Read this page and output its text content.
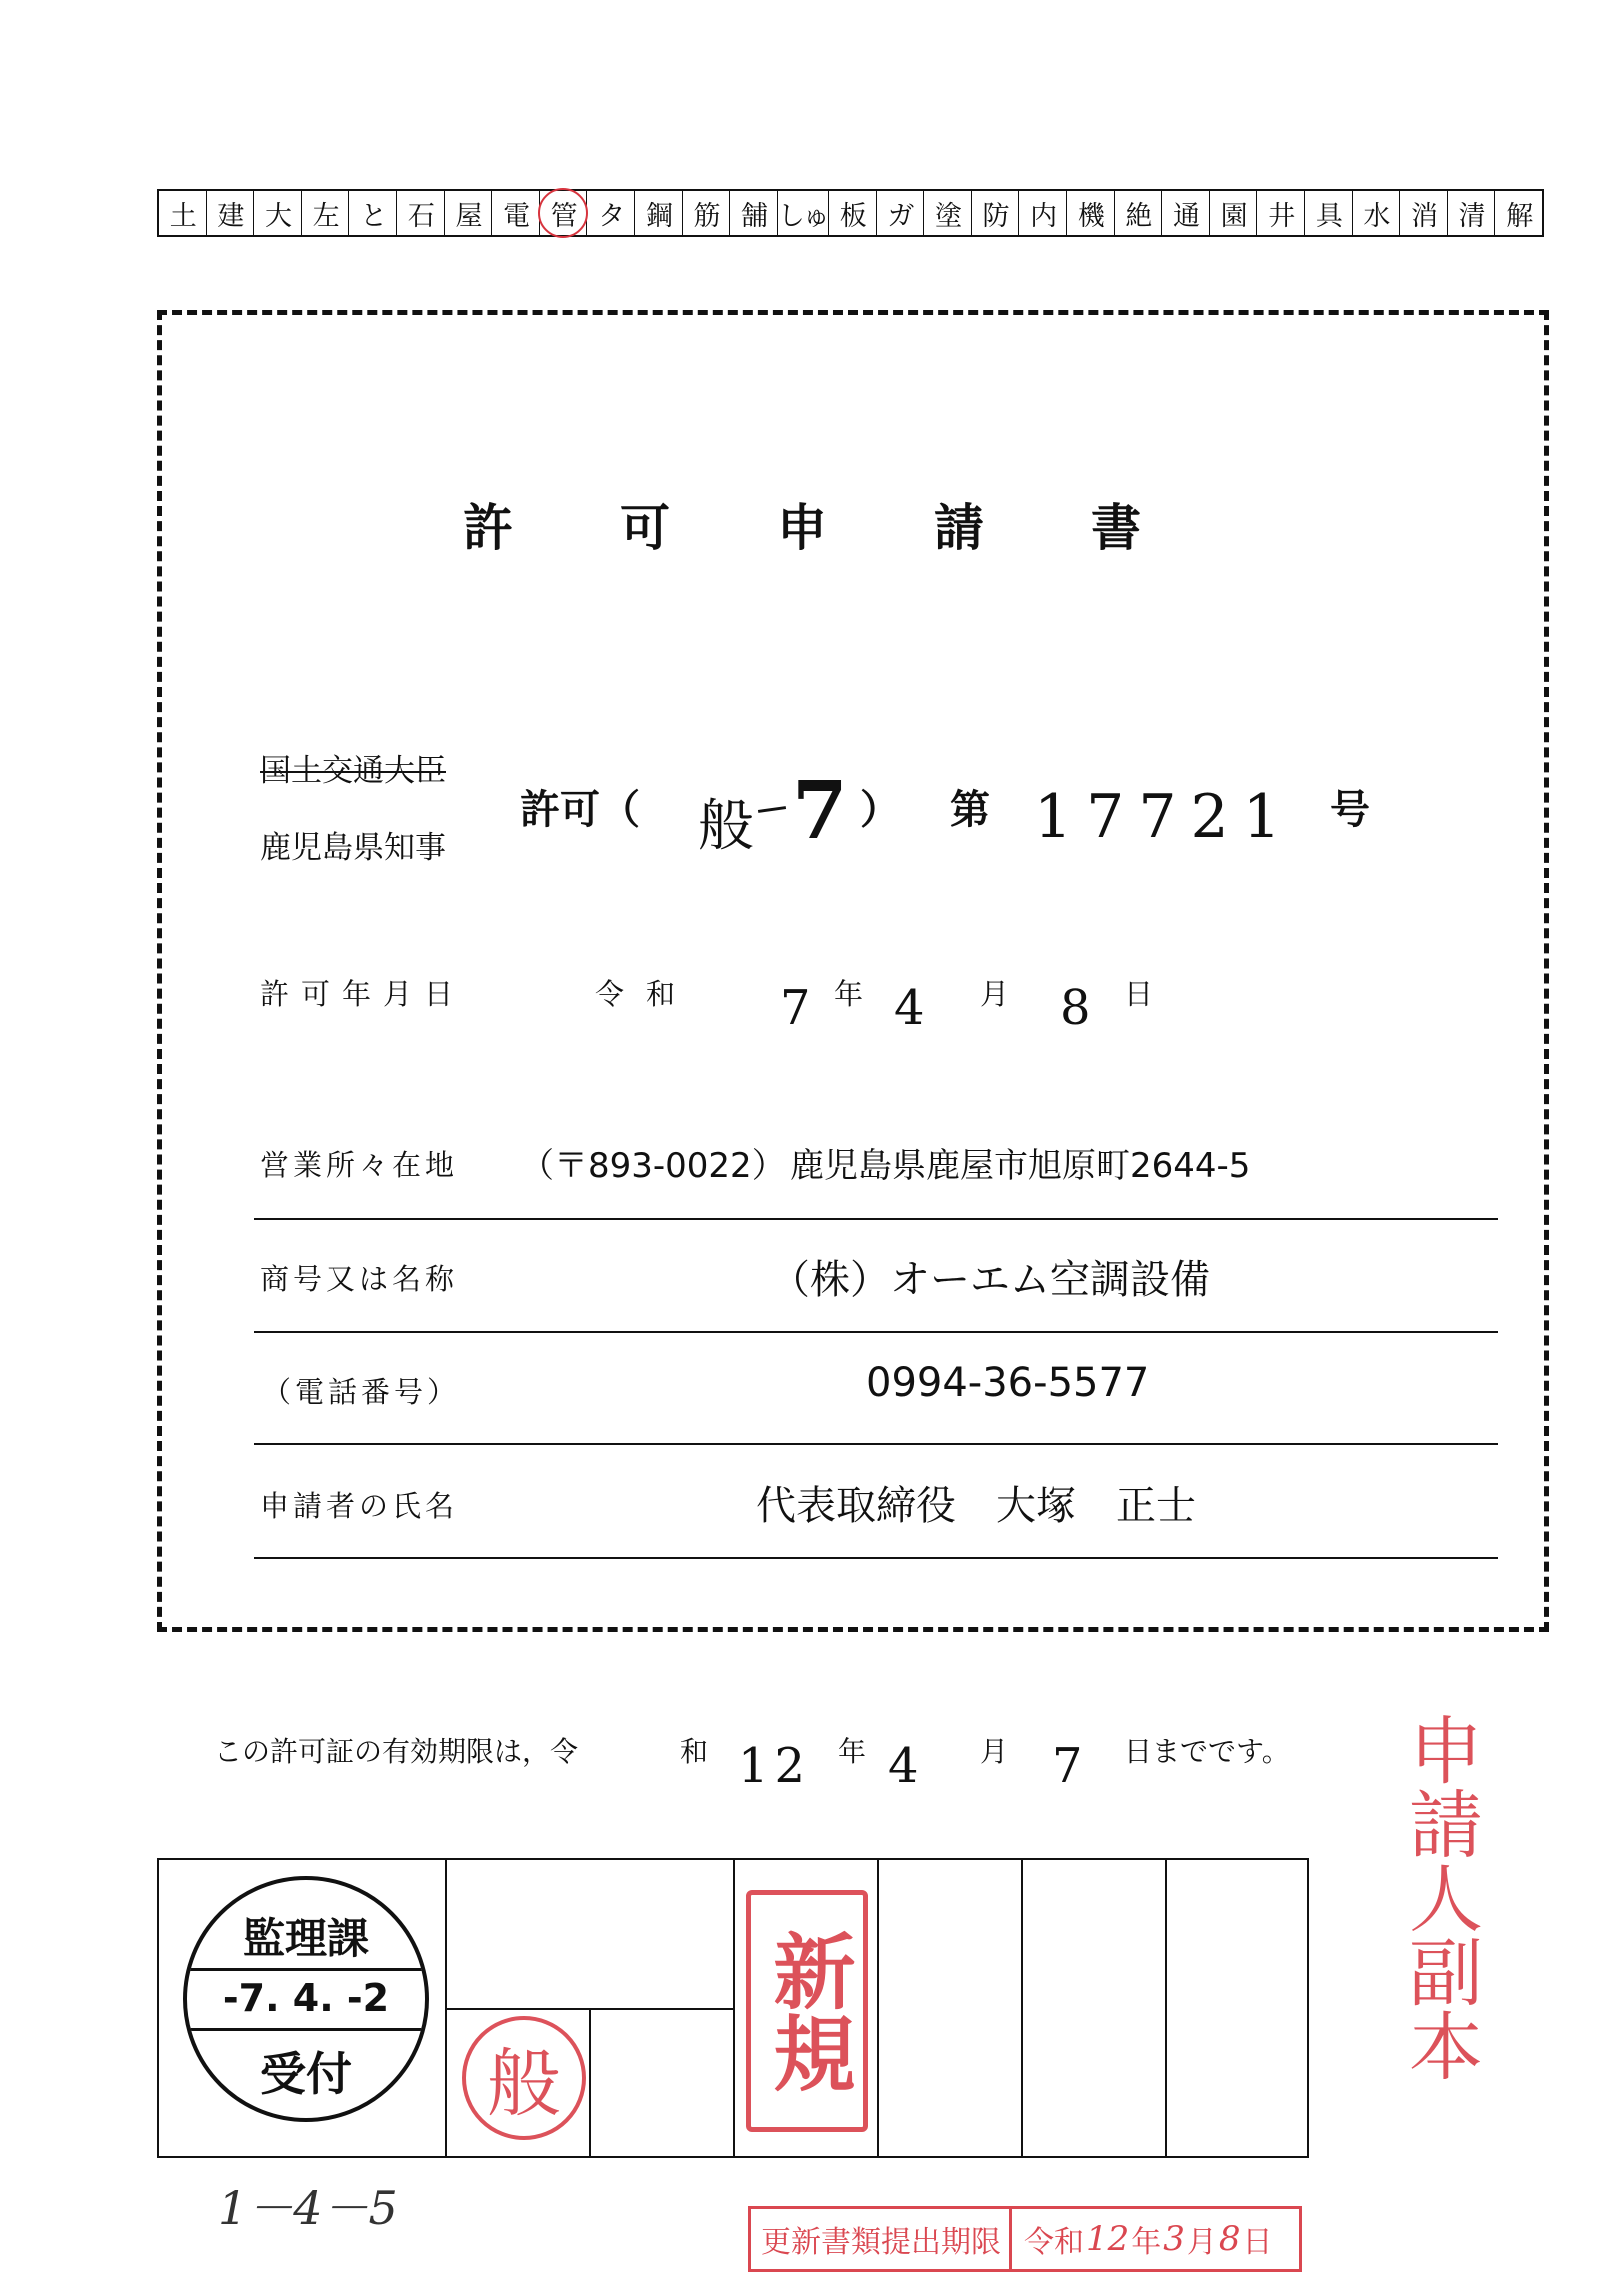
土 建 大 左 と 石 屋 電 管 タ 鋼 筋 舗 しゅ 板 ガ 塗 防 内 機 絶 通 園 井 具 水 消 清 解
許 可 申 請 書
国土交通大臣
鹿児島県知事
許可（ 般 7 ） 第 17721 号
許可年月日	令和 7 年 4 月 8 日
営業所々在地 （〒893-0022） 鹿児島県鹿屋市旭原町2644-5
商号又は名称	（株）オーエム空調設備
（電話番号）	0994-36-5577
申請者の氏名	代表取締役　大塚　正士
この許可証の有効期限は，令	和 12 年 4 月 7 日までです。 申請人副本
監理課
-7. 4. -2
受付	般 新規
1－4－5
更新書類提出期限 令和 12 年 3 月 8 日
